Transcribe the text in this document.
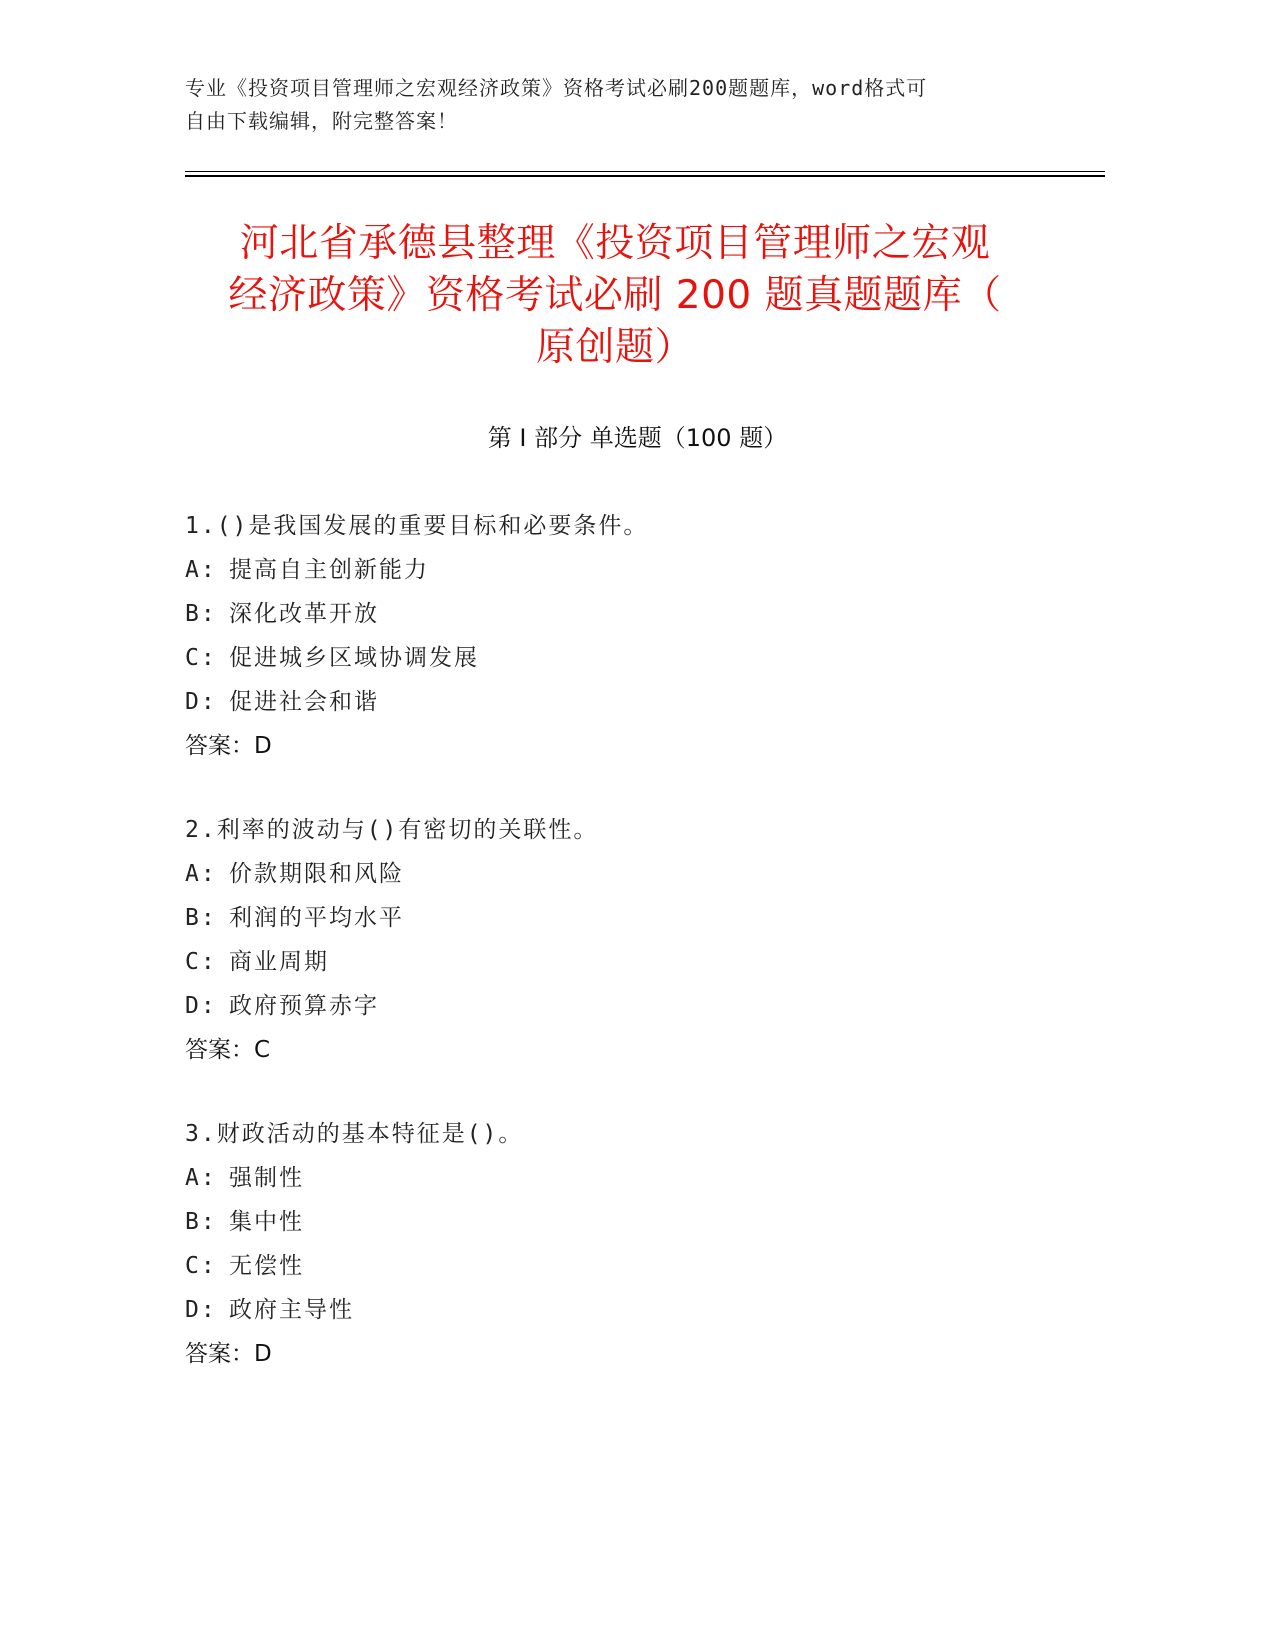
专业《投资项目管理师之宏观经济政策》资格考试必刷200题题库，word格式可
自由下载编辑，附完整答案！
河北省承德县整理《投资项目管理师之宏观
经济政策》资格考试必刷 200 题真题题库（
原创题）
第 I 部分 单选题（100 题）
1.()是我国发展的重要目标和必要条件。
A: 提高自主创新能力
B: 深化改革开放
C: 促进城乡区域协调发展
D: 促进社会和谐
答案：D
2.利率的波动与()有密切的关联性。
A: 价款期限和风险
B: 利润的平均水平
C: 商业周期
D: 政府预算赤字
答案：C
3.财政活动的基本特征是()。
A: 强制性
B: 集中性
C: 无偿性
D: 政府主导性
答案：D
